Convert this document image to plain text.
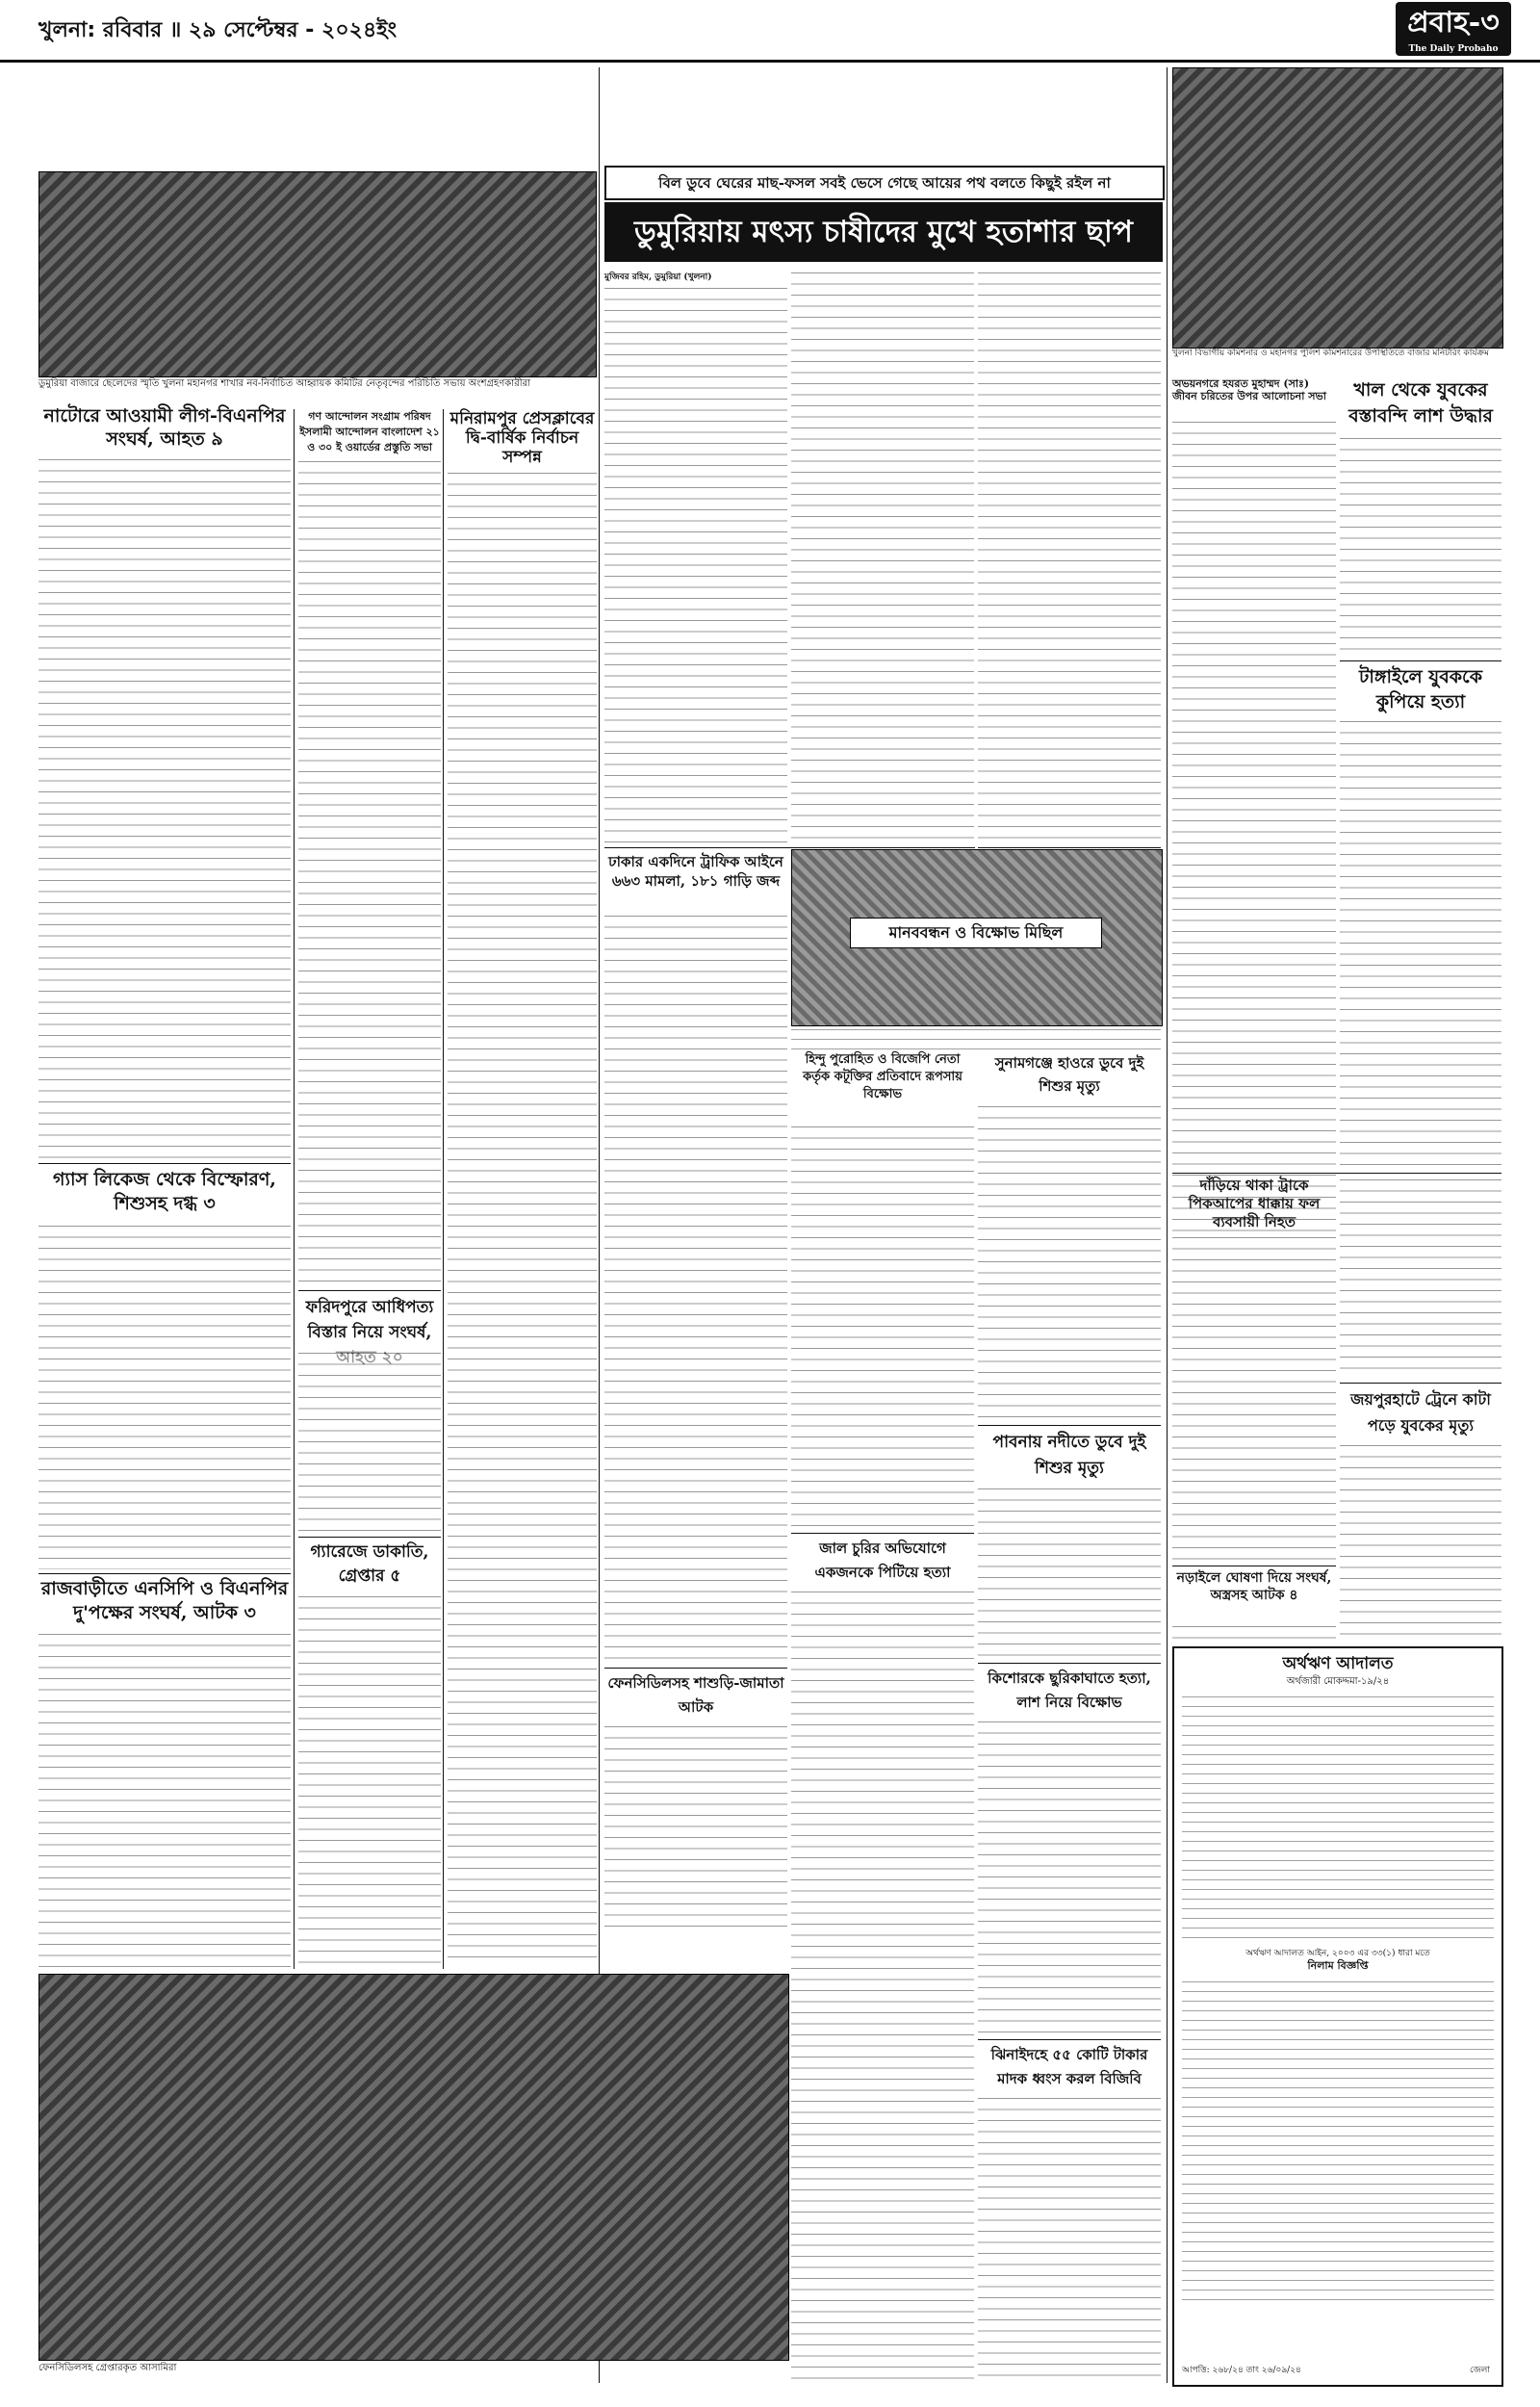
খুলনা: রবিবার ॥ ২৯ সেপ্টেম্বর - ২০২৪ইং	প্রবাহ-৩
The Daily Probaho
ডুমুরিয়া বাজারে ছেলেদের স্মৃতি খুলনা মহানগর শাখার নব-নির্বাচিত আহ্বায়ক কমিটির নেতৃবৃন্দের পরিচিতি সভায় অংশগ্রহণকারীরা
নাটোরে আওয়ামী লীগ-বিএনপির সংঘর্ষ, আহত ৯
গ্যাস লিকেজ থেকে বিস্ফোরণ, শিশুসহ দগ্ধ ৩
রাজবাড়ীতে এনসিপি ও বিএনপির দু'পক্ষের সংঘর্ষ, আটক ৩
গণ আন্দোলন সংগ্রাম পরিষদ ইসলামী আন্দোলন বাংলাদেশ ২১ ও ৩০ ই ওয়ার্ডের প্রস্তুতি সভা
ফরিদপুরে আধিপত্য বিস্তার নিয়ে সংঘর্ষ,
গ্যারেজে ডাকাতি, গ্রেপ্তার ৫
মনিরামপুর প্রেসক্লাবের দ্বি-বার্ষিক নির্বাচন সম্পন্ন
বিল ডুবে ঘেরের মাছ-ফসল সবই ভেসে গেছে আয়ের পথ বলতে কিছুই রইল না
ডুমুরিয়ায় মৎস্য চাষীদের মুখে হতাশার ছাপ
মুজিবর রহিম, ডুমুরিয়া (খুলনা)
ঢাকার একদিনে ট্রাফিক আইনে ৬৬৩ মামলা, ১৮১ গাড়ি জব্দ
মানববন্ধন ও বিক্ষোভ মিছিল
হিন্দু পুরোহিত ও বিজেপি নেতা কর্তৃক কটূক্তির প্রতিবাদে রূপসায় বিক্ষোভ
সুনামগঞ্জে হাওরে ডুবে দুই শিশুর মৃত্যু
পাবনায় নদীতে ডুবে দুই শিশুর মৃত্যু
ফেনসিডিলসহ শাশুড়ি-জামাতা আটক
জাল চুরির অভিযোগে একজনকে পিটিয়ে হত্যা
কিশোরকে ছুরিকাঘাতে হত্যা, লাশ নিয়ে বিক্ষোভ
ঝিনাইদহে ৫৫ কোটি টাকার মাদক ধ্বংস করল বিজিবি
ফেনসিডিলসহ গ্রেপ্তারকৃত আসামিরা
খুলনা বিভাগীয় কমিশনার ও মহানগর পুলিশ কমিশনারের উপস্থিতিতে বাজার মনিটরিং কার্যক্রম
অভয়নগরে হযরত মুহাম্মদ (সাঃ) জীবন চরিতের উপর আলোচনা সভা	খাল থেকে যুবকের বস্তাবন্দি লাশ উদ্ধার
টাঙ্গাইলে যুবককে কুপিয়ে হত্যা
দাঁড়িয়ে থাকা ট্রাকে পিকআপের ধাক্কায় ফল ব্যবসায়ী নিহত
জয়পুরহাটে ট্রেনে কাটা পড়ে যুবকের মৃত্যু
নড়াইলে ঘোষণা দিয়ে সংঘর্ষ, অস্ত্রসহ আটক ৪
অর্থঋণ আদালত
অর্থজারী মোকদ্দমা-১৯/২৪
অর্থঋণ আদালত আইন, ২০০৩ এর ৩৩(১) ধারা মতে
নিলাম বিজ্ঞপ্তি
আপত্তি: ২৬৮/২৪ তাং ২৬/০৯/২৪	জেলা
